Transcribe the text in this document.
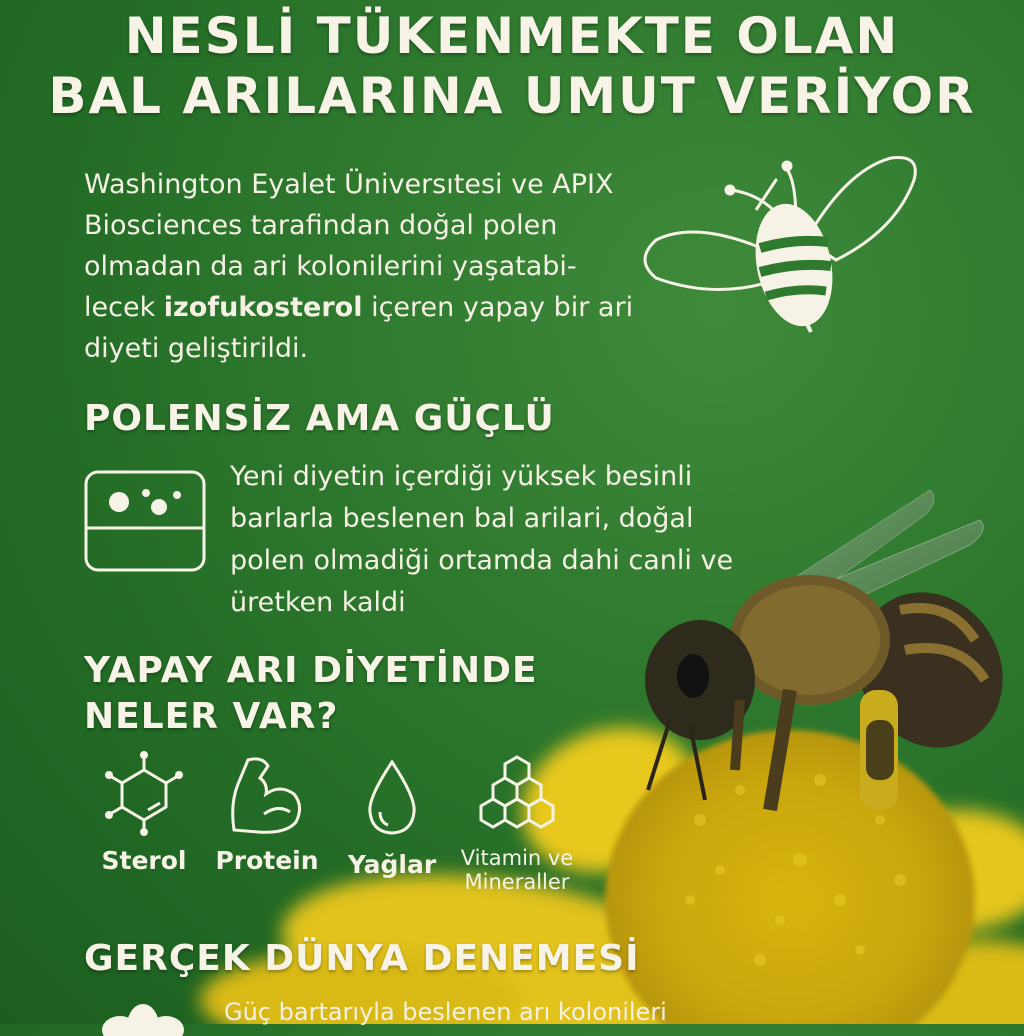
NESLİ TÜKENMEKTE OLAN
BAL ARILARINA UMUT VERİYOR
Washington Eyalet Üniversıtesi ve APIX Biosciences tarafindan doğal polen olmadan da ari kolonilerini yaşatabi-lecek izofukosterol içeren yapay bir ari diyeti geliştirildi.
POLENSİZ AMA GÜÇLÜ
Yeni diyetin içerdiği yüksek besinli barlarla beslenen bal arilari, doğal polen olmadiği ortamda dahi canli ve üretken kaldi
YAPAY ARI DİYETİNDE
NELER VAR?
Sterol	Protein Yağlar	Vitamin ve
Mineraller
GERÇEK DÜNYA DENEMESİ
Güç bartarıyla beslenen arı kolonileri
